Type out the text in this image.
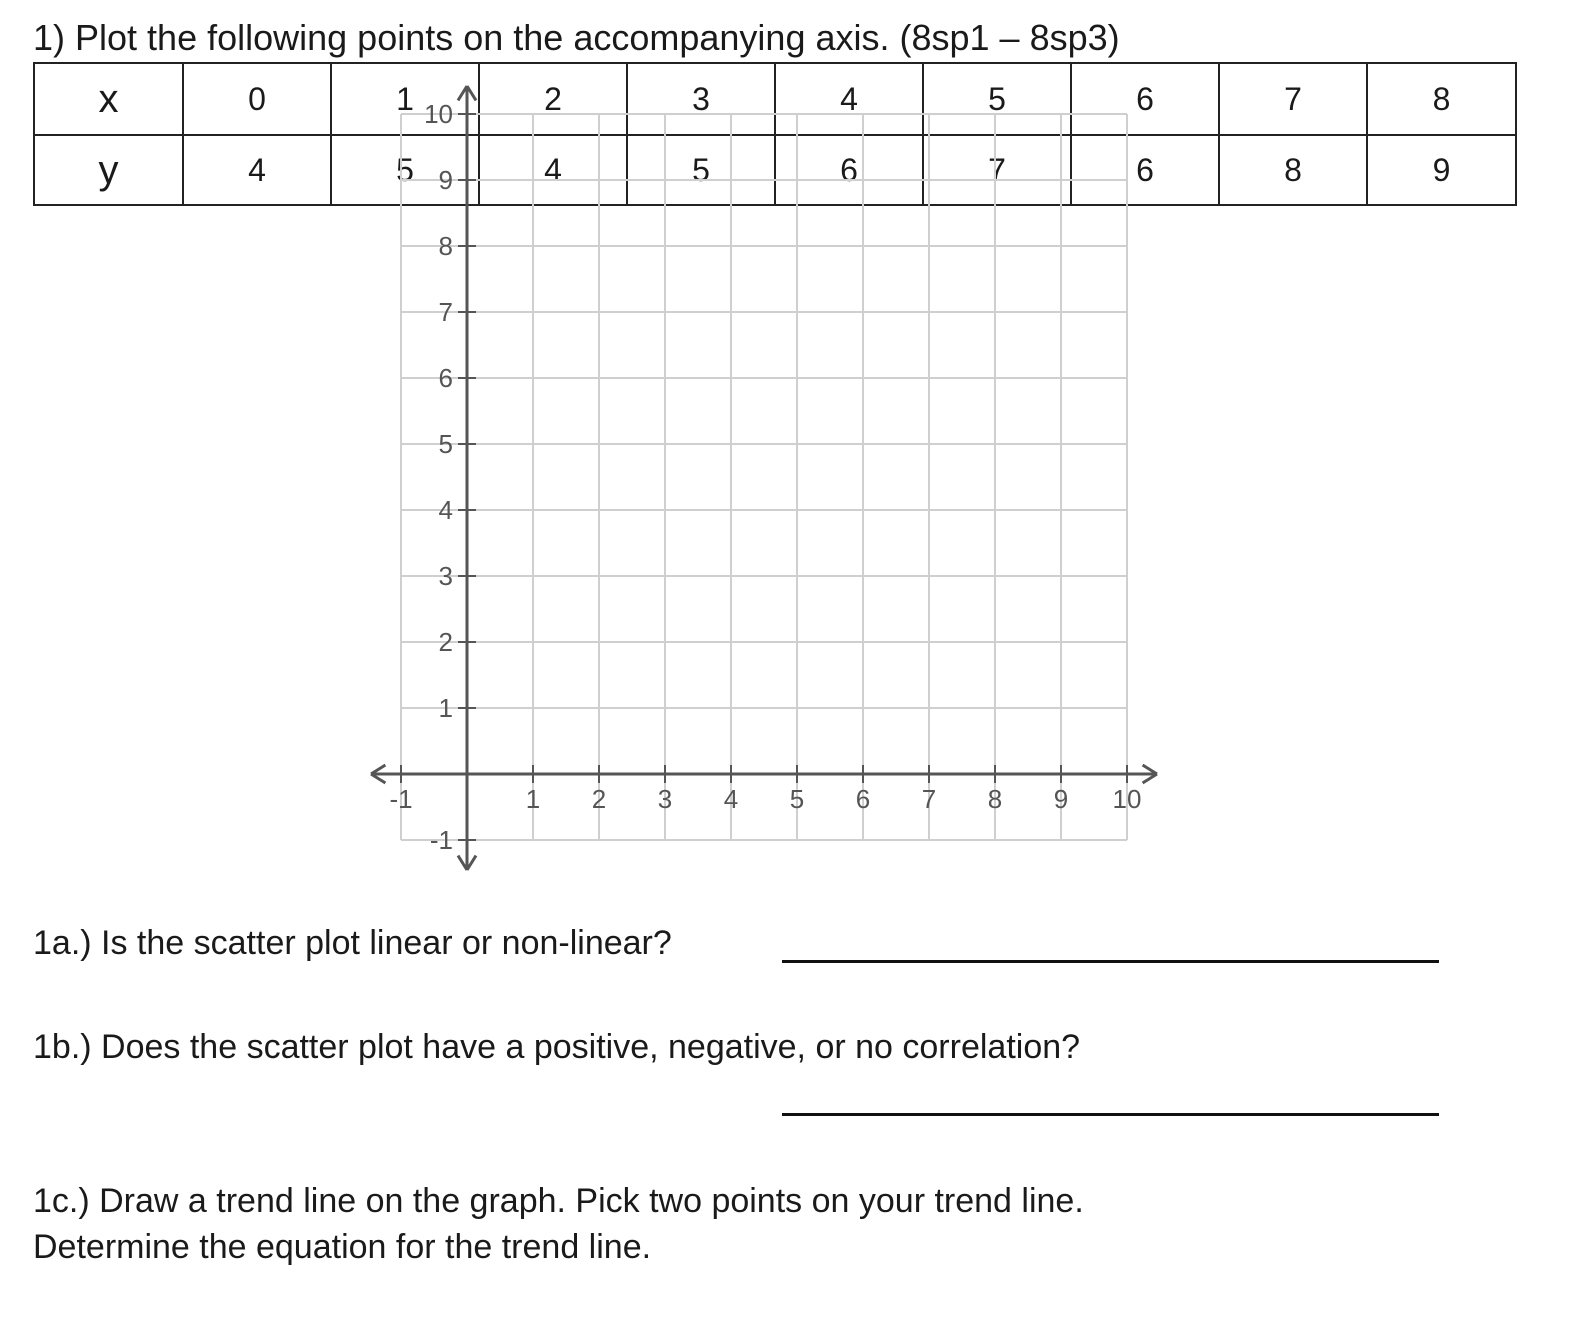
1) Plot the following points on the accompanying axis. (8sp1 – 8sp3)
x	0	1	2	3	4	5	6	7	8
y	4	5	4	5	6	7	6	8	9
-1	1 2 3 4 5 6 7 8 9 10
10
9
8
7
6
5
4
3
2
1
-1
1a.) Is the scatter plot linear or non-linear?
1b.) Does the scatter plot have a positive, negative, or no correlation?
1c.) Draw a trend line on the graph. Pick two points on your trend line.
Determine the equation for the trend line.
